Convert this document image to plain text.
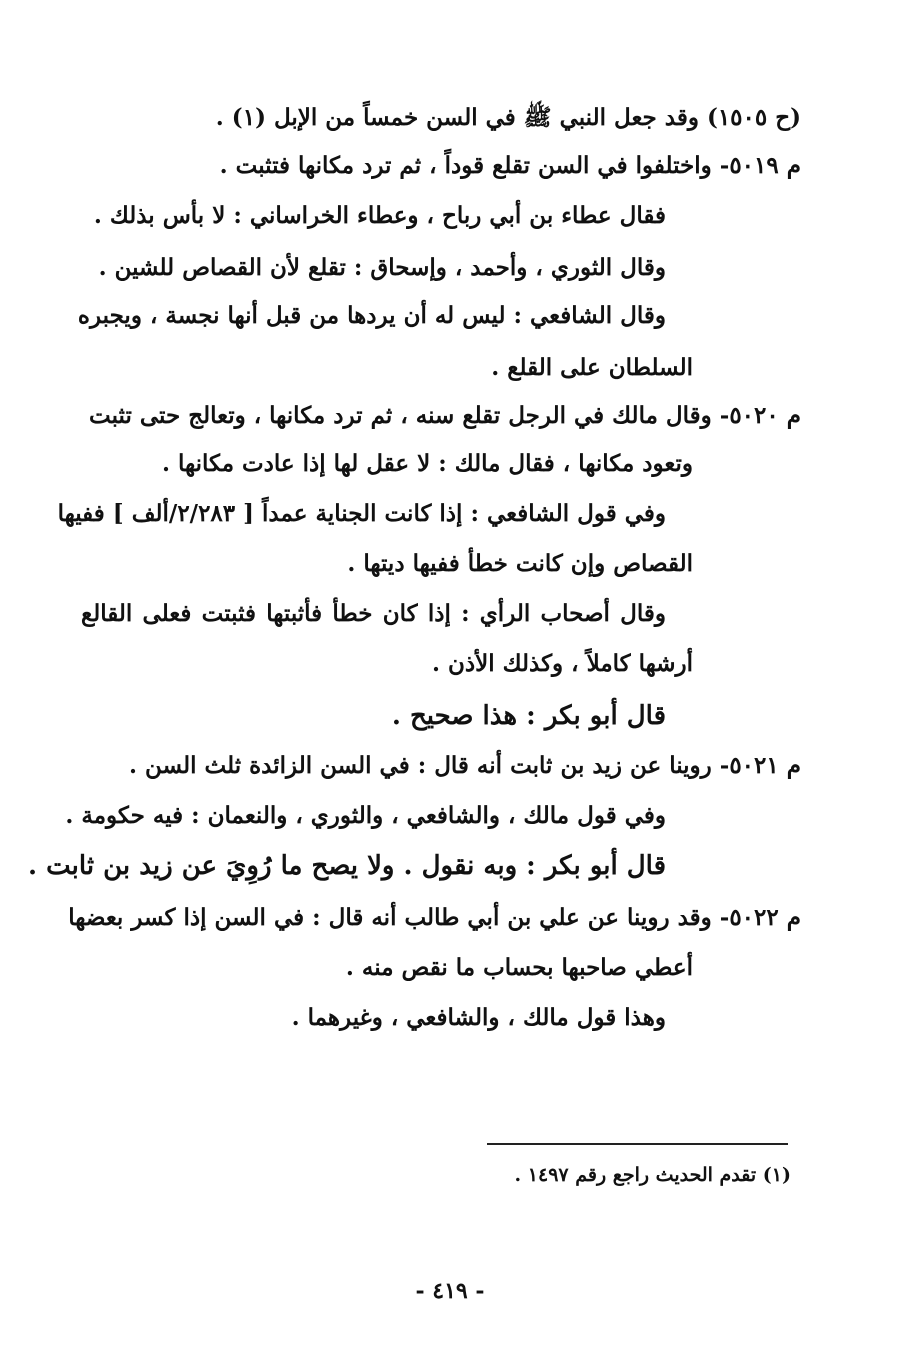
(ح ١٥٠٥) وقد جعل النبي ﷺ في السن خمساً من الإبل (١) .
م ٥٠١٩- واختلفوا في السن تقلع قوداً ، ثم ترد مكانها فتثبت .
فقال عطاء بن أبي رباح ، وعطاء الخراساني : لا بأس بذلك .
وقال الثوري ، وأحمد ، وإسحاق : تقلع لأن القصاص للشين .
وقال الشافعي : ليس له أن يردها من قبل أنها نجسة ، ويجبره
السلطان على القلع .
م ٥٠٢٠- وقال مالك في الرجل تقلع سنه ، ثم ترد مكانها ، وتعالج حتى تثبت
وتعود مكانها ، فقال مالك : لا عقل لها إذا عادت مكانها .
وفي قول الشافعي : إذا كانت الجناية عمداً [ ٢/٢٨٣/ألف ] ففيها
القصاص وإن كانت خطأ ففيها ديتها .
وقال أصحاب الرأي : إذا كان خطأ فأثبتها فثبتت فعلى القالع
أرشها كاملاً ، وكذلك الأذن .
قال أبو بكر : هذا صحيح .
م ٥٠٢١- روينا عن زيد بن ثابت أنه قال : في السن الزائدة ثلث السن .
وفي قول مالك ، والشافعي ، والثوري ، والنعمان : فيه حكومة .
قال أبو بكر : وبه نقول . ولا يصح ما رُوِيَ عن زيد بن ثابت .
م ٥٠٢٢- وقد روينا عن علي بن أبي طالب أنه قال : في السن إذا كسر بعضها
أعطي صاحبها بحساب ما نقص منه .
وهذا قول مالك ، والشافعي ، وغيرهما .
(١) تقدم الحديث راجع رقم ١٤٩٧ .
- ٤١٩ -
